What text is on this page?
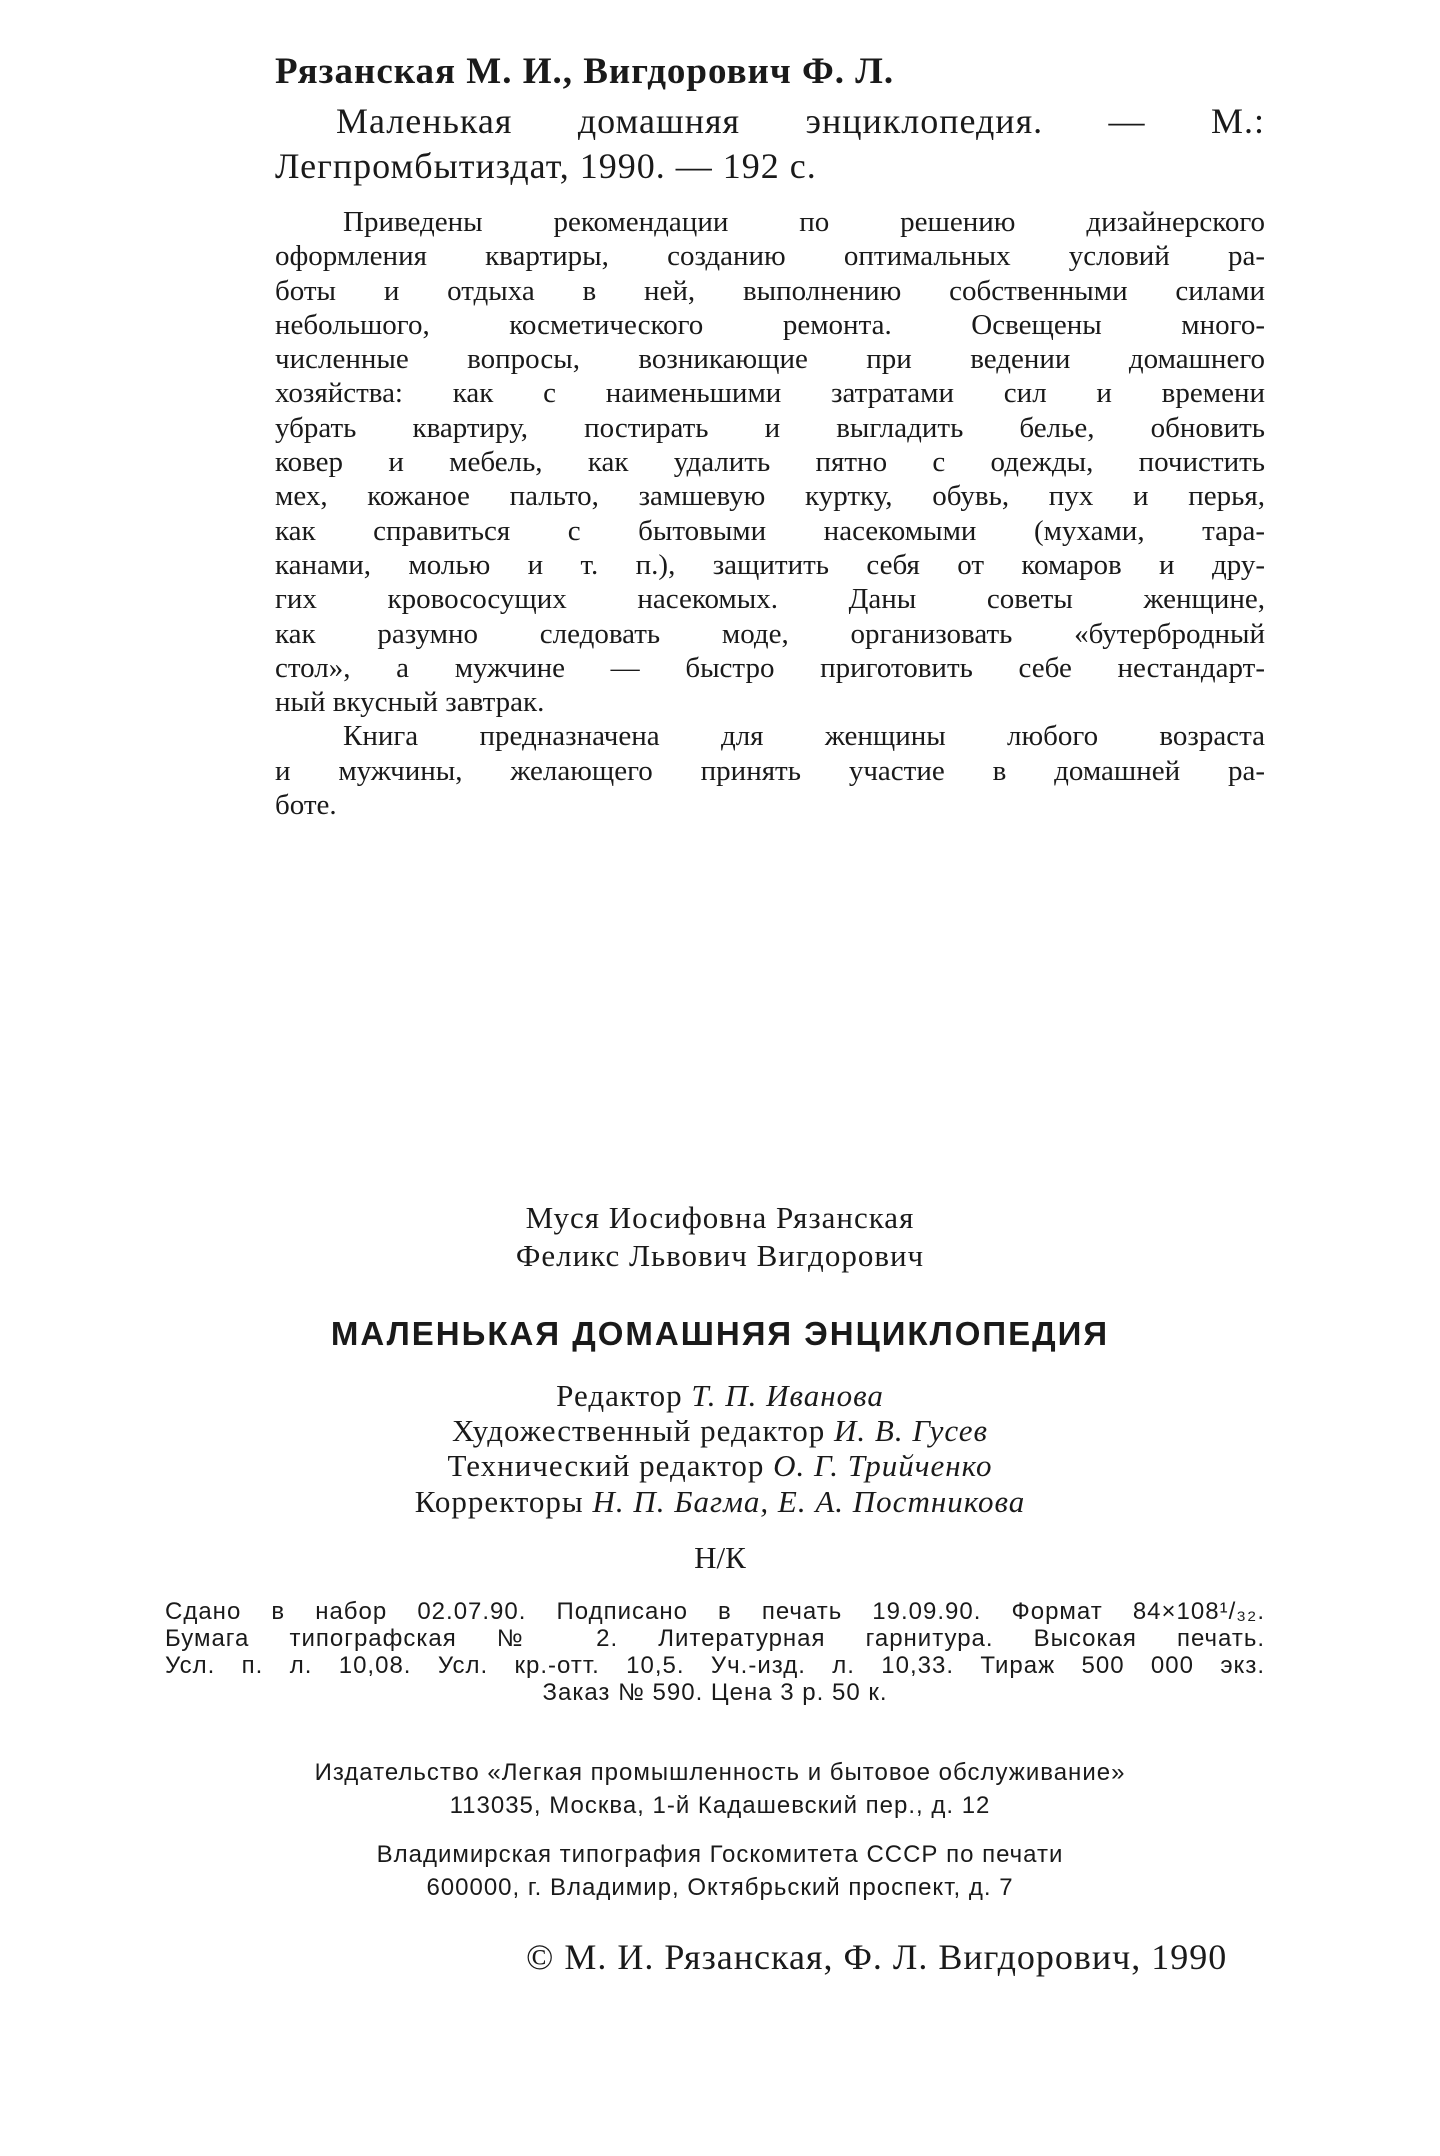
Рязанская М. И., Вигдорович Ф. Л.
Маленькая домашняя энциклопедия. — М.:
Легпромбытиздат, 1990. — 192 с.
Приведены рекомендации по решению дизайнерского
оформления квартиры, созданию оптимальных условий ра-
боты и отдыха в ней, выполнению собственными силами
небольшого, косметического ремонта. Освещены много-
численные вопросы, возникающие при ведении домашнего
хозяйства: как с наименьшими затратами сил и времени
убрать квартиру, постирать и выгладить белье, обновить
ковер и мебель, как удалить пятно с одежды, почистить
мех, кожаное пальто, замшевую куртку, обувь, пух и перья,
как справиться с бытовыми насекомыми (мухами, тара-
канами, молью и т. п.), защитить себя от комаров и дру-
гих кровососущих насекомых. Даны советы женщине,
как разумно следовать моде, организовать «бутербродный
стол», а мужчине — быстро приготовить себе нестандарт-
ный вкусный завтрак.
Книга предназначена для женщины любого возраста
и мужчины, желающего принять участие в домашней ра-
боте.
Муся Иосифовна Рязанская
Феликс Львович Вигдорович
МАЛЕНЬКАЯ ДОМАШНЯЯ ЭНЦИКЛОПЕДИЯ
Редактор Т. П. Иванова
Художественный редактор И. В. Гусев
Технический редактор О. Г. Трийченко
Корректоры Н. П. Багма, Е. А. Постникова
Н/К
Сдано в набор 02.07.90. Подписано в печать 19.09.90. Формат 84×108¹/₃₂.
Бумага типографская № 2. Литературная гарнитура. Высокая печать.
Усл. п. л. 10,08. Усл. кр.-отт. 10,5. Уч.-изд. л. 10,33. Тираж 500 000 экз.
Заказ № 590. Цена 3 р. 50 к.
Издательство «Легкая промышленность и бытовое обслуживание»
113035, Москва, 1-й Кадашевский пер., д. 12
Владимирская типография Госкомитета СССР по печати
600000, г. Владимир, Октябрьский проспект, д. 7
© М. И. Рязанская, Ф. Л. Вигдорович, 1990
